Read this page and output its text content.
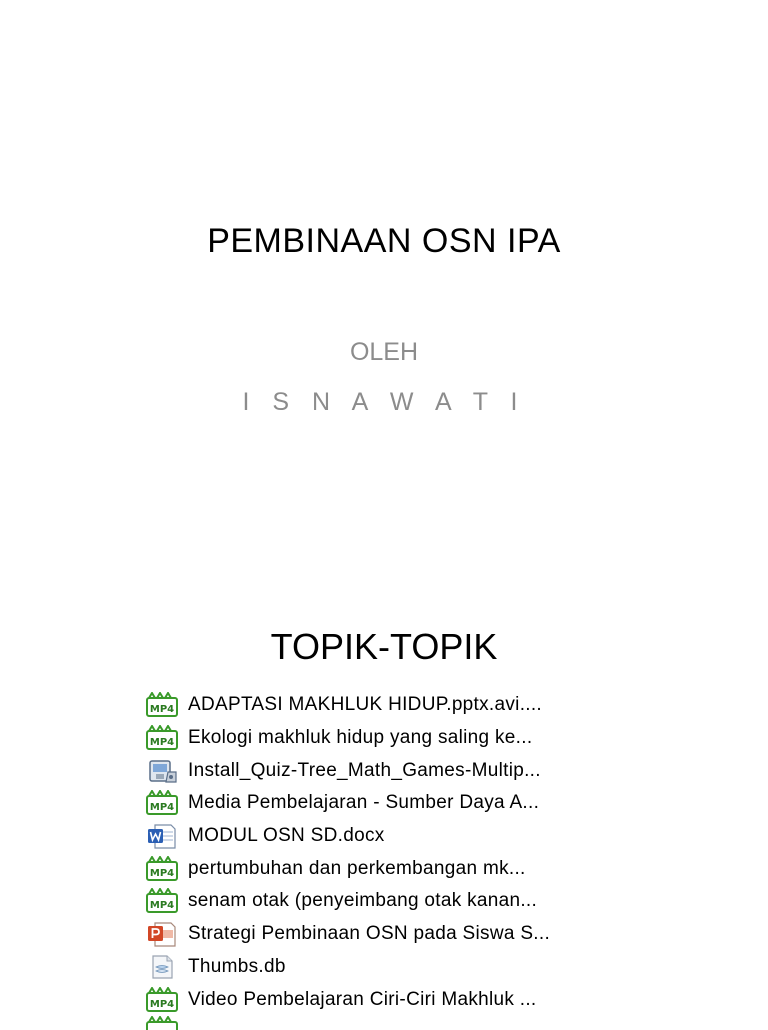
PEMBINAAN OSN IPA
OLEH
I S N A W A T I
TOPIK-TOPIK
MP4 ADAPTASI MAKHLUK HIDUP.pptx.avi....
MP4 Ekologi makhluk hidup yang saling ke...
Install_Quiz-Tree_Math_Games-Multip...
MP4 Media Pembelajaran - Sumber Daya A...
MODUL OSN SD.docx
MP4 pertumbuhan dan perkembangan mk...
MP4 senam otak (penyeimbang otak kanan...
Strategi Pembinaan OSN pada Siswa S...
Thumbs.db
MP4 Video Pembelajaran Ciri-Ciri Makhluk ...
